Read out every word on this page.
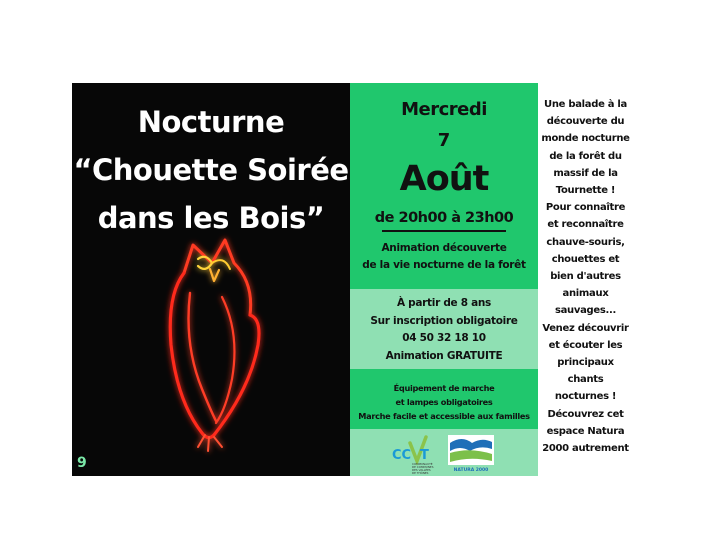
Nocturne
“Chouette Soirée
dans les Bois”
9
Mercredi
7
Août
de 20h00 à 23h00
Animation découverte
de la vie nocturne de la forêt
À partir de 8 ans
Sur inscription obligatoire
04 50 32 18 10
Animation GRATUITE
Équipement de marche
et lampes obligatoires
Marche facile et accessible aux familles
CC T
COMMUNAUTÉ
DE COMMUNES
DES VALLÉES
DE THÔNES	NATURA 2000
Une balade à la
découverte du
monde nocturne
de la forêt du
massif de la
Tournette !
Pour connaître
et reconnaître
chauve-souris,
chouettes et
bien d'autres
animaux
sauvages...
Venez découvrir
et écouter les
principaux
chants
nocturnes !
Découvrez cet
espace Natura
2000 autrement
